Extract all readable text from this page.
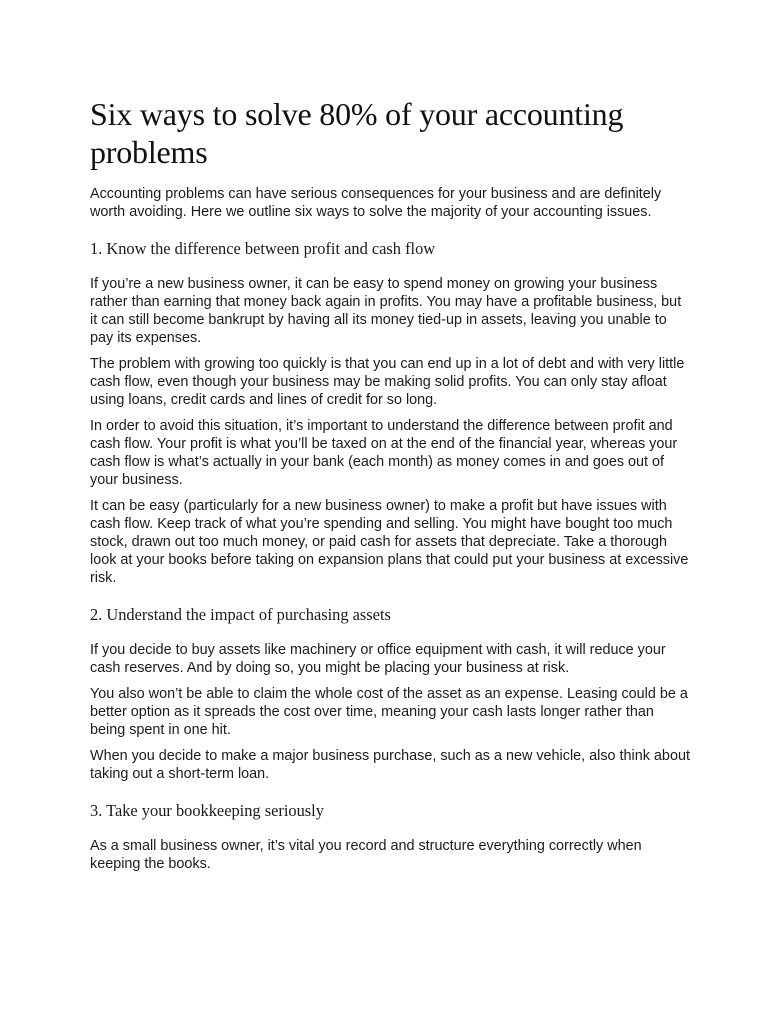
Six ways to solve 80% of your accounting problems

Accounting problems can have serious consequences for your business and are definitely worth avoiding. Here we outline six ways to solve the majority of your accounting issues.

1. Know the difference between profit and cash flow

If you’re a new business owner, it can be easy to spend money on growing your business rather than earning that money back again in profits. You may have a profitable business, but it can still become bankrupt by having all its money tied-up in assets, leaving you unable to pay its expenses.

The problem with growing too quickly is that you can end up in a lot of debt and with very little cash flow, even though your business may be making solid profits. You can only stay afloat using loans, credit cards and lines of credit for so long.

In order to avoid this situation, it’s important to understand the difference between profit and cash flow. Your profit is what you’ll be taxed on at the end of the financial year, whereas your cash flow is what’s actually in your bank (each month) as money comes in and goes out of your business.

It can be easy (particularly for a new business owner) to make a profit but have issues with cash flow. Keep track of what you’re spending and selling. You might have bought too much stock, drawn out too much money, or paid cash for assets that depreciate. Take a thorough look at your books before taking on expansion plans that could put your business at excessive risk.

2. Understand the impact of purchasing assets

If you decide to buy assets like machinery or office equipment with cash, it will reduce your cash reserves. And by doing so, you might be placing your business at risk.

You also won’t be able to claim the whole cost of the asset as an expense. Leasing could be a better option as it spreads the cost over time, meaning your cash lasts longer rather than being spent in one hit.

When you decide to make a major business purchase, such as a new vehicle, also think about taking out a short-term loan.

3. Take your bookkeeping seriously

As a small business owner, it’s vital you record and structure everything correctly when keeping the books.
